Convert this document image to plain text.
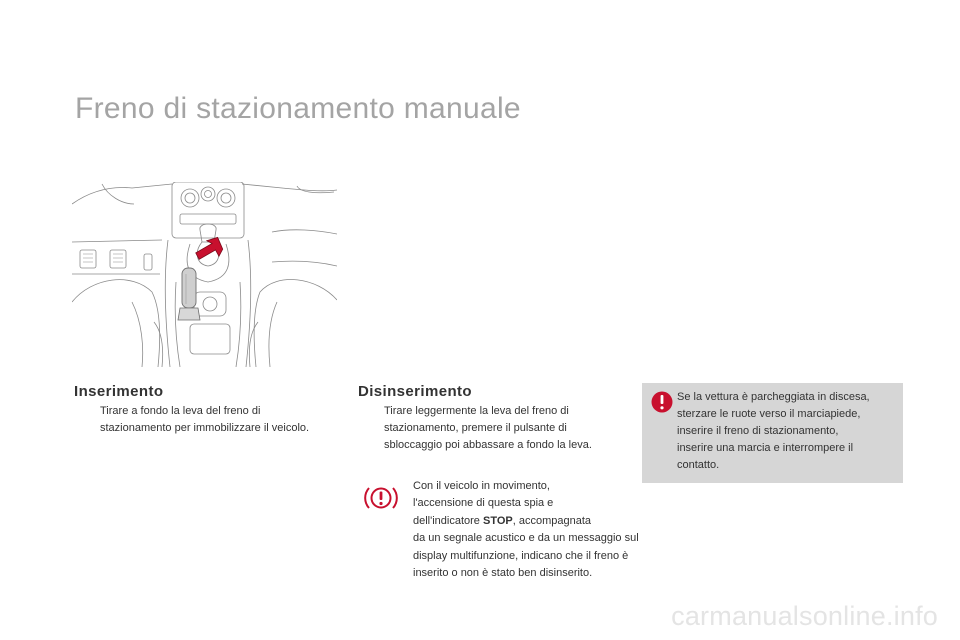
Freno di stazionamento manuale
Inserimento
Tirare a fondo la leva del freno di
stazionamento per immobilizzare il veicolo.
Disinserimento
Tirare leggermente la leva del freno di
stazionamento, premere il pulsante di
sbloccaggio poi abbassare a fondo la leva.
Con il veicolo in movimento,
l'accensione di questa spia e
dell'indicatore STOP, accompagnata
da un segnale acustico e da un messaggio sul
display multifunzione, indicano che il freno è
inserito o non è stato ben disinserito.
Se la vettura è parcheggiata in discesa,
sterzare le ruote verso il marciapiede,
inserire il freno di stazionamento,
inserire una marcia e interrompere il
contatto.
carmanualsonline.info
